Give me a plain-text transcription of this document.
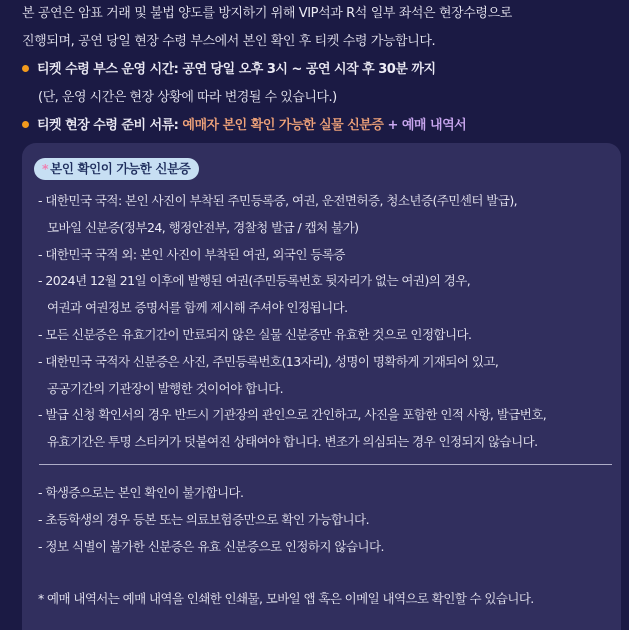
본 공연은 암표 거래 및 불법 양도를 방지하기 위해 VIP석과 R석 일부 좌석은 현장수령으로
진행되며, 공연 당일 현장 수령 부스에서 본인 확인 후 티켓 수령 가능합니다.
티켓 수령 부스 운영 시간: 공연 당일 오후 3시 ~ 공연 시작 후 30분 까지
(단, 운영 시간은 현장 상황에 따라 변경될 수 있습니다.)
티켓 현장 수령 준비 서류: 예매자 본인 확인 가능한 실물 신분증 + 예매 내역서
* 본인 확인이 가능한 신분증
- 대한민국 국적: 본인 사진이 부착된 주민등록증, 여권, 운전면허증, 청소년증(주민센터 발급),
모바일 신분증(정부24, 행정안전부, 경찰청 발급 / 캡처 불가)
- 대한민국 국적 외: 본인 사진이 부착된 여권, 외국인 등록증
- 2024년 12월 21일 이후에 발행된 여권(주민등록번호 뒷자리가 없는 여권)의 경우,
여권과 여권정보 증명서를 함께 제시해 주셔야 인정됩니다.
- 모든 신분증은 유효기간이 만료되지 않은 실물 신분증만 유효한 것으로 인정합니다.
- 대한민국 국적자 신분증은 사진, 주민등록번호(13자리), 성명이 명확하게 기재되어 있고,
공공기간의 기관장이 발행한 것이어야 합니다.
- 발급 신청 확인서의 경우 반드시 기관장의 관인으로 간인하고, 사진을 포함한 인적 사항, 발급번호,
유효기간은 투명 스티커가 덧붙여진 상태여야 합니다. 변조가 의심되는 경우 인정되지 않습니다.
- 학생증으로는 본인 확인이 불가합니다.
- 초등학생의 경우 등본 또는 의료보험증만으로 확인 가능합니다.
- 정보 식별이 불가한 신분증은 유효 신분증으로 인정하지 않습니다.
* 예매 내역서는 예매 내역을 인쇄한 인쇄물, 모바일 앱 혹은 이메일 내역으로 확인할 수 있습니다.
